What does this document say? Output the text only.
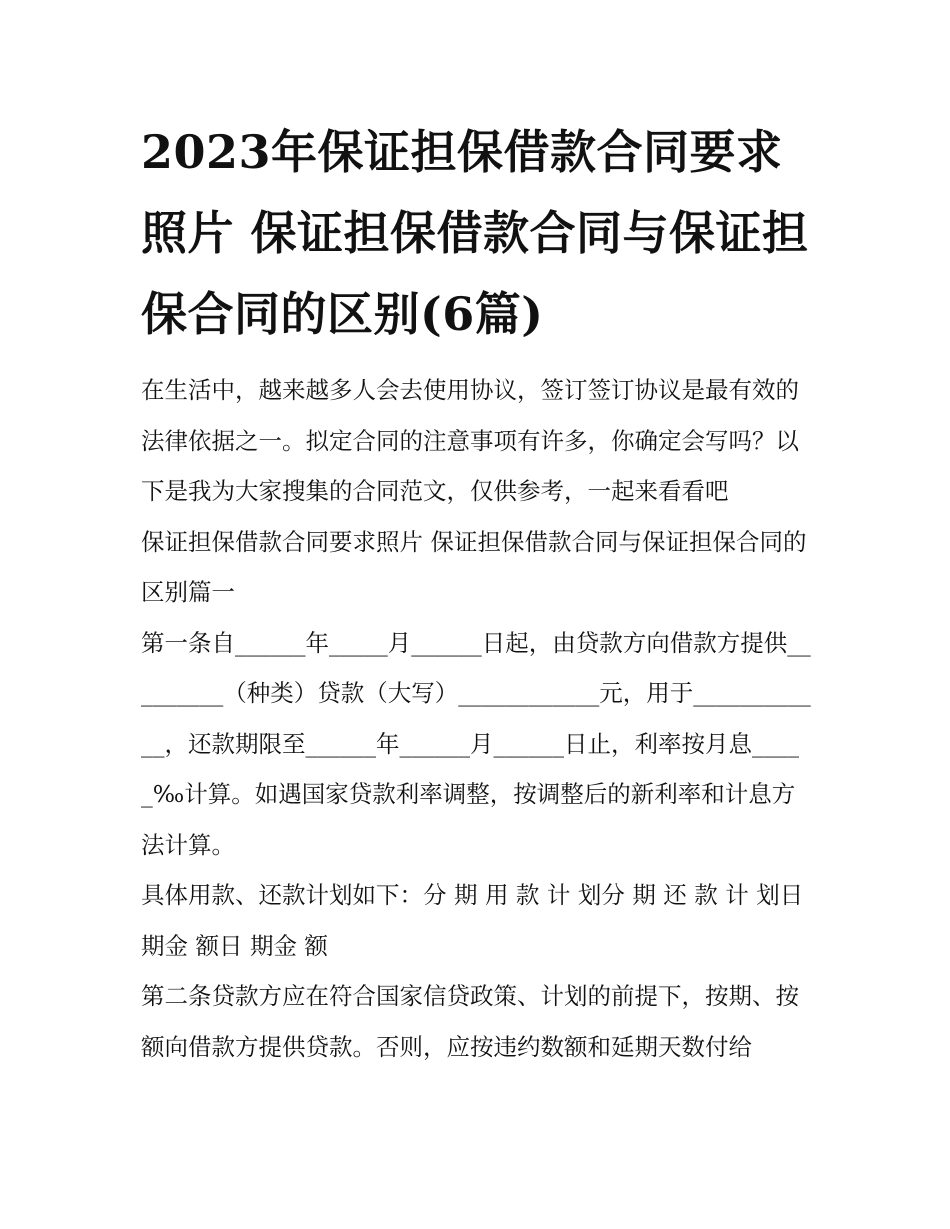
2023年保证担保借款合同要求照片 保证担保借款合同与保证担保合同的区别(6篇)

在生活中，越来越多人会去使用协议，签订签订协议是最有效的法律依据之一。拟定合同的注意事项有许多，你确定会写吗？以下是我为大家搜集的合同范文，仅供参考，一起来看看吧

保证担保借款合同要求照片 保证担保借款合同与保证担保合同的区别篇一

第一条自______年_____月______日起，由贷款方向借款方提供_________（种类）贷款（大写）____________元，用于____________，还款期限至______年______月______日止，利率按月息_____‰计算。如遇国家贷款利率调整，按调整后的新利率和计息方法计算。

具体用款、还款计划如下：分 期 用 款 计 划分 期 还 款 计 划日 期金 额日 期金 额

第二条贷款方应在符合国家信贷政策、计划的前提下，按期、按额向借款方提供贷款。否则，应按违约数额和延期天数付给
